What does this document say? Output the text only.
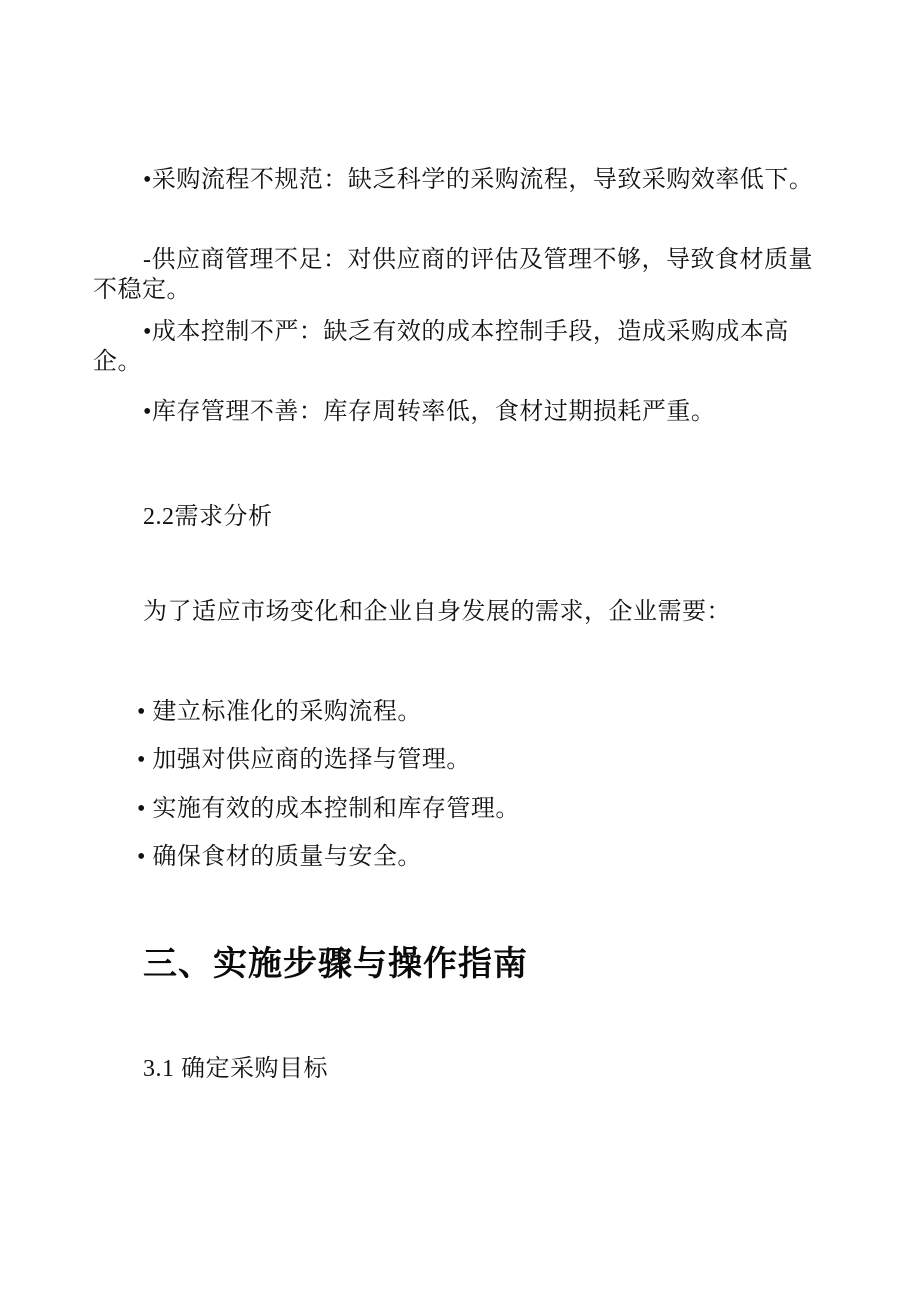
•采购流程不规范：缺乏科学的采购流程，导致采购效率低下。

-供应商管理不足：对供应商的评估及管理不够，导致食材质量不稳定。

•成本控制不严：缺乏有效的成本控制手段，造成采购成本高企。

•库存管理不善：库存周转率低，食材过期损耗严重。

2.2需求分析

为了适应市场变化和企业自身发展的需求，企业需要：

• 建立标准化的采购流程。

• 加强对供应商的选择与管理。

• 实施有效的成本控制和库存管理。

• 确保食材的质量与安全。

三、实施步骤与操作指南

3.1 确定采购目标
